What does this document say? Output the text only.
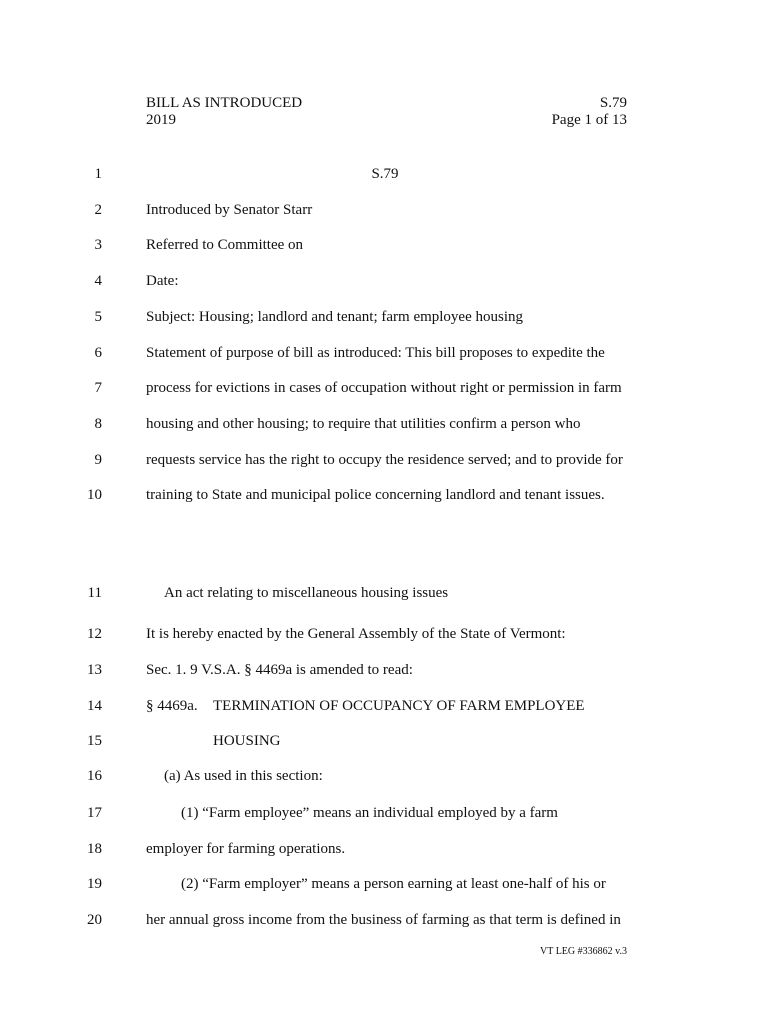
BILL AS INTRODUCED
2019
S.79
Page 1 of 13
1	S.79
2	Introduced by Senator Starr
3	Referred to Committee on
4	Date:
5	Subject: Housing; landlord and tenant; farm employee housing
6	Statement of purpose of bill as introduced: This bill proposes to expedite the
7	process for evictions in cases of occupation without right or permission in farm
8	housing and other housing; to require that utilities confirm a person who
9	requests service has the right to occupy the residence served; and to provide for
10	training to State and municipal police concerning landlord and tenant issues.
11	An act relating to miscellaneous housing issues
12	It is hereby enacted by the General Assembly of the State of Vermont:
13	Sec. 1. 9 V.S.A. § 4469a is amended to read:
14	§ 4469a. TERMINATION OF OCCUPANCY OF FARM EMPLOYEE
15	HOUSING
16	(a) As used in this section:
17	(1) “Farm employee” means an individual employed by a farm
18	employer for farming operations.
19	(2) “Farm employer” means a person earning at least one-half of his or
20	her annual gross income from the business of farming as that term is defined in
VT LEG #336862 v.3
